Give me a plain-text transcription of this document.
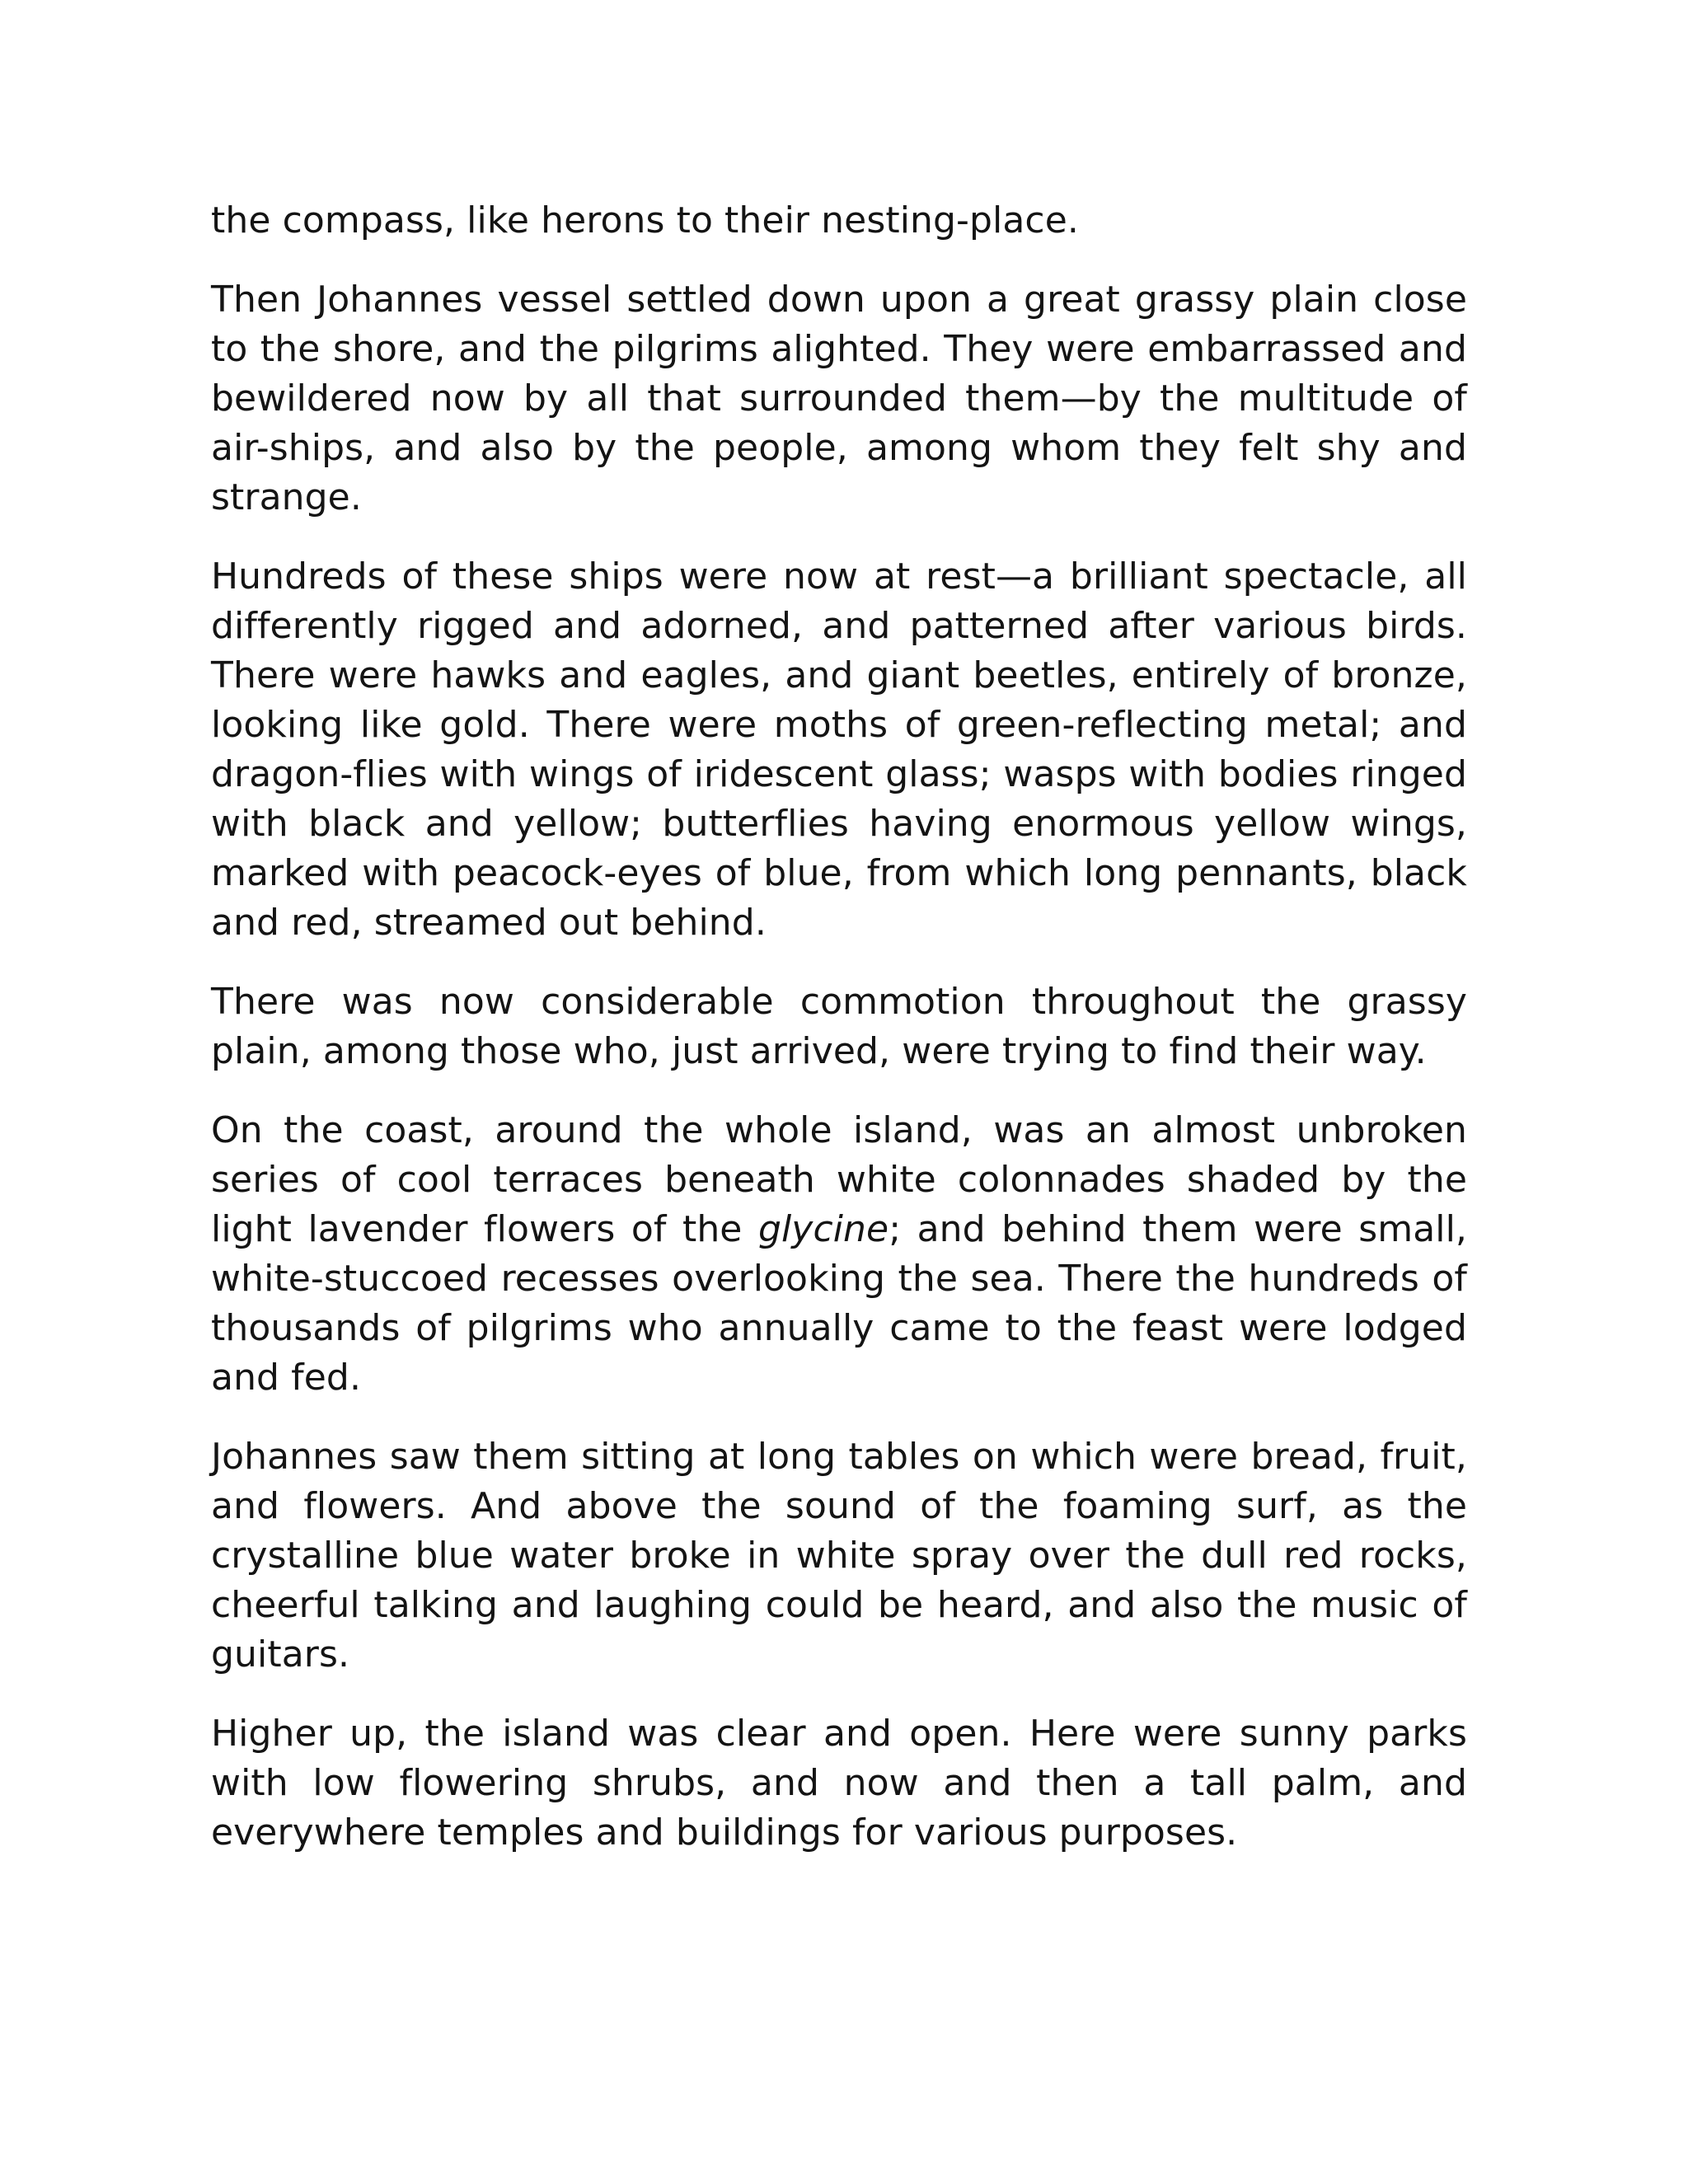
the compass, like herons to their nesting-place.

Then Johannes vessel settled down upon a great grassy plain close to the shore, and the pilgrims alighted. They were embarrassed and bewildered now by all that surrounded them—by the multitude of air-ships, and also by the people, among whom they felt shy and strange.

Hundreds of these ships were now at rest—a brilliant spectacle, all differently rigged and adorned, and patterned after various birds. There were hawks and eagles, and giant beetles, entirely of bronze, looking like gold. There were moths of green-reflecting metal; and dragon-flies with wings of iridescent glass; wasps with bodies ringed with black and yellow; butterflies having enormous yellow wings, marked with peacock-eyes of blue, from which long pennants, black and red, streamed out behind.

There was now considerable commotion throughout the grassy plain, among those who, just arrived, were trying to find their way.

On the coast, around the whole island, was an almost unbroken series of cool terraces beneath white colonnades shaded by the light lavender flowers of the glycine; and behind them were small, white-stuccoed recesses overlooking the sea. There the hundreds of thousands of pilgrims who annually came to the feast were lodged and fed.

Johannes saw them sitting at long tables on which were bread, fruit, and flowers. And above the sound of the foaming surf, as the crystalline blue water broke in white spray over the dull red rocks, cheerful talking and laughing could be heard, and also the music of guitars.

Higher up, the island was clear and open. Here were sunny parks with low flowering shrubs, and now and then a tall palm, and everywhere temples and buildings for various purposes.
